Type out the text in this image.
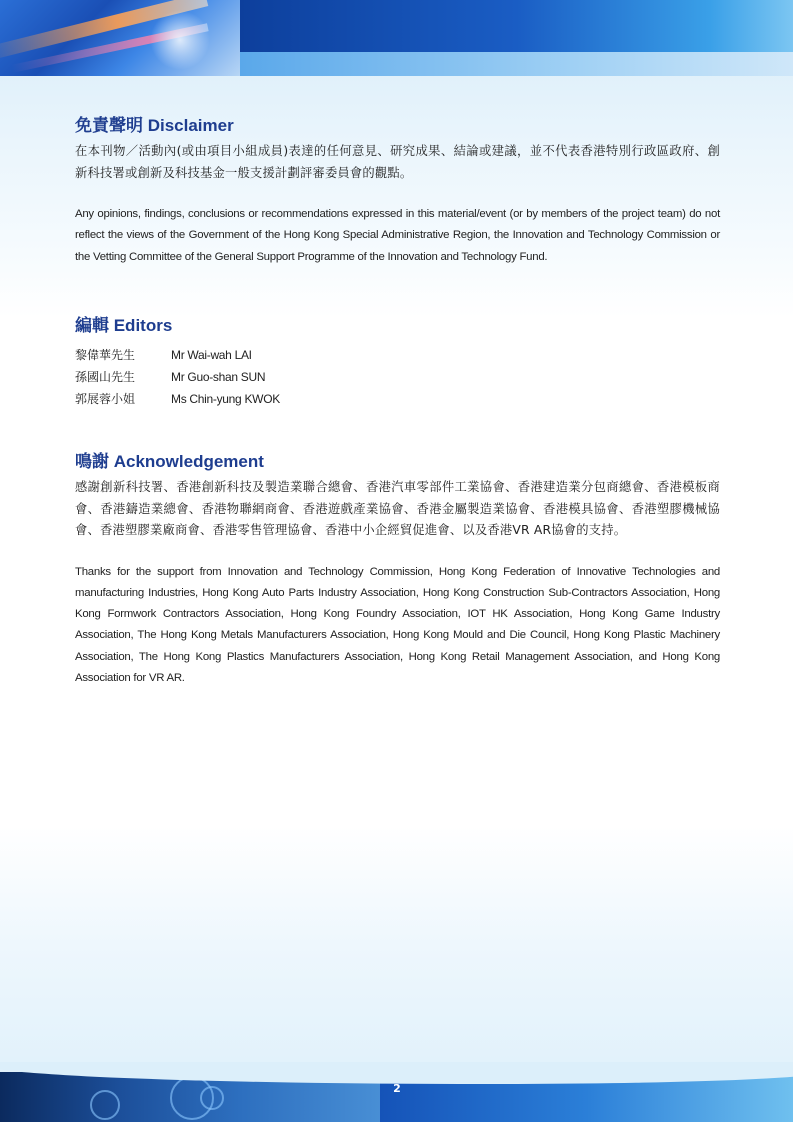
免責聲明 Disclaimer

在本刊物／活動內(或由項目小組成員)表達的任何意見、研究成果、結論或建議，並不代表香港特別行政區政府、創新科技署或創新及科技基金一般支援計劃評審委員會的觀點。

Any opinions, findings, conclusions or recommendations expressed in this material/event (or by members of the project team) do not reflect the views of the Government of the Hong Kong Special Administrative Region, the Innovation and Technology Commission or the Vetting Committee of the General Support Programme of the Innovation and Technology Fund.

編輯 Editors
黎偉華先生	Mr Wai-wah LAI
孫國山先生	Mr Guo-shan SUN
郭展蓉小姐	Ms Chin-yung KWOK
鳴謝 Acknowledgement

感謝創新科技署、香港創新科技及製造業聯合總會、香港汽車零部件工業協會、香港建造業分包商總會、香港模板商會、香港鑄造業總會、香港物聯網商會、香港遊戲產業協會、香港金屬製造業協會、香港模具協會、香港塑膠機械協會、香港塑膠業廠商會、香港零售管理協會、香港中小企經貿促進會、以及香港VR AR協會的支持。

Thanks for the support from Innovation and Technology Commission, Hong Kong Federation of Innovative Technologies and manufacturing Industries, Hong Kong Auto Parts Industry Association, Hong Kong Construction Sub-Contractors Association, Hong Kong Formwork Contractors Association, Hong Kong Foundry Association, IOT HK Association, Hong Kong Game Industry Association, The Hong Kong Metals Manufacturers Association, Hong Kong Mould and Die Council, Hong Kong Plastic Machinery Association, The Hong Kong Plastics Manufacturers Association, Hong Kong Retail Management Association, and Hong Kong Association for VR AR.

2
